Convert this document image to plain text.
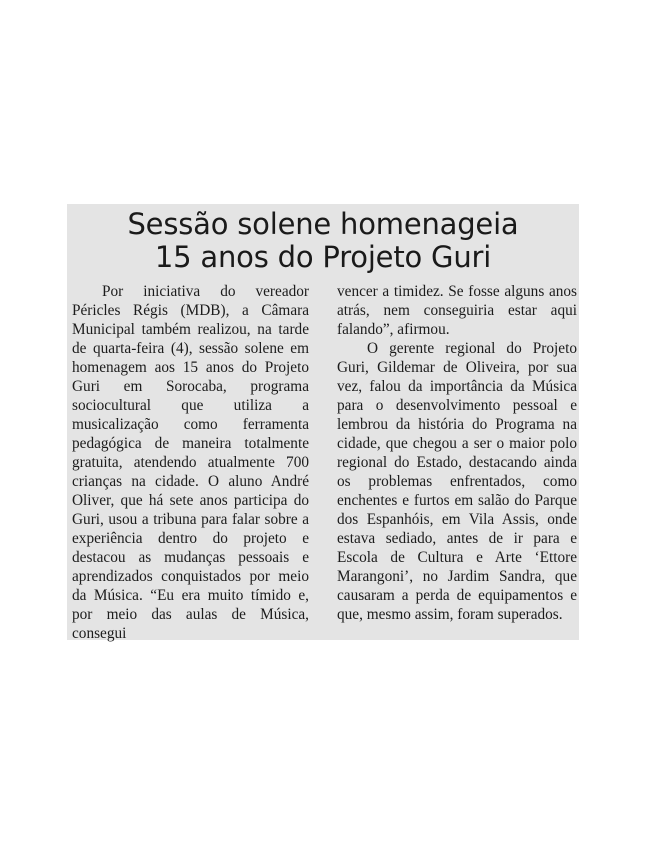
Sessão solene homenageia
15 anos do Projeto Guri

Por iniciativa do vereador Péricles Régis (MDB), a Câmara Municipal também realizou, na tarde de quarta-feira (4), sessão solene em homenagem aos 15 anos do Projeto Guri em Sorocaba, programa sociocultural que utiliza a musicalização como ferramenta pedagógica de maneira totalmente gratuita, atendendo atualmente 700 crianças na cidade. O aluno André Oliver, que há sete anos participa do Guri, usou a tribuna para falar sobre a experiência dentro do projeto e destacou as mudanças pessoais e aprendizados conquistados por meio da Música. “Eu era muito tímido e, por meio das aulas de Música, consegui

vencer a timidez. Se fosse alguns anos atrás, nem conseguiria estar aqui falando”, afirmou.

O gerente regional do Projeto Guri, Gildemar de Oliveira, por sua vez, falou da importância da Música para o desenvolvimento pessoal e lembrou da história do Programa na cidade, que chegou a ser o maior polo regional do Estado, destacando ainda os problemas enfrentados, como enchentes e furtos em salão do Parque dos Espanhóis, em Vila Assis, onde estava sediado, antes de ir para e Escola de Cultura e Arte ‘Ettore Marangoni’, no Jardim Sandra, que causaram a perda de equipamentos e que, mesmo assim, foram superados.
